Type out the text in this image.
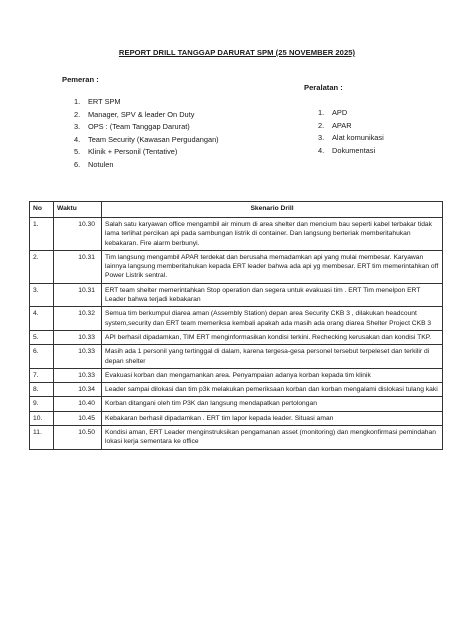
REPORT DRILL TANGGAP DARURAT SPM (25 NOVEMBER 2025)
Pemeran :
1.	ERT SPM
2.	Manager, SPV & leader On Duty
3.	OPS : (Team Tanggap Darurat)
4.	Team Security (Kawasan Pergudangan)
5.	Klinik + Personil (Tentative)
6.	Notulen
Peralatan :
1.	APD
2.	APAR
3.	Alat komunikasi
4.	Dokumentasi
No	Waktu	Skenario Drill
1.	10.30	Salah satu karyawan office mengambil air minum di area shelter dan mencium bau seperti kabel terbakar tidak lama terlihat percikan api pada sambungan listrik di container. Dan langsung berteriak memberitahukan kebakaran. Fire alarm berbunyi.
2.	10.31	Tim langsung mengambil APAR terdekat dan berusaha memadamkan api yang mulai membesar. Karyawan lainnya langsung memberitahukan kepada ERT leader bahwa ada api yg membesar. ERT tim memerintahkan off Power Listrik sentral.
3.	10.31	ERT team shelter memerintahkan Stop operation dan segera untuk evakuasi tim . ERT Tim menelpon ERT Leader bahwa terjadi kebakaran
4.	10.32	Semua tim berkumpul diarea aman (Assembly Station) depan area Security CKB 3 , dilakukan headcount system,security dan ERT team memeriksa kembali apakah ada masih ada orang diarea Shelter Project CKB 3
5.	10.33	API berhasil dipadamkan, TIM ERT menginformasikan kondisi terkini. Rechecking kerusakan dan kondisi TKP.
6.	10.33	Masih ada 1 personil yang tertinggal di dalam, karena tergesa-gesa personel tersebut terpeleset dan terkilir di depan shelter
7.	10.33	Evakuasi korban dan mengamankan area. Penyampaian adanya korban kepada tim klinik
8.	10.34	Leader sampai dilokasi dan tim p3k melakukan pemeriksaan korban dan korban mengalami dislokasi tulang kaki
9.	10.40	Korban ditangani oleh tim P3K dan langsung mendapatkan pertolongan
10.	10.45	Kebakaran berhasil dipadamkan . ERT tim lapor kepada leader. Situasi aman
11.	10.50	Kondisi aman, ERT Leader menginstruksikan pengamanan asset (monitoring) dan mengkonfirmasi pemindahan lokasi kerja sementara ke office
